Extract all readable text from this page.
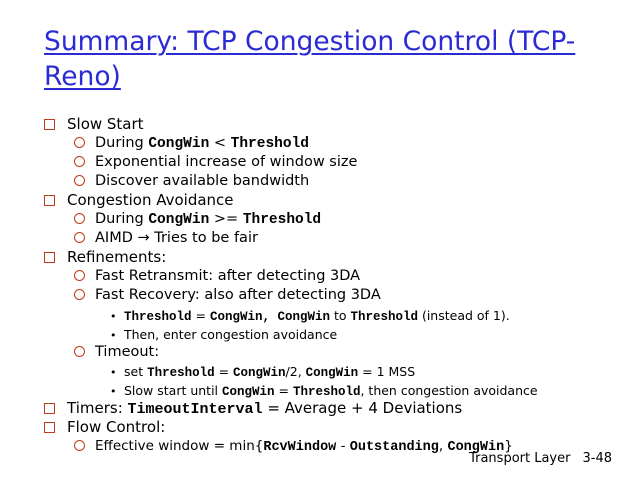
Summary: TCP Congestion Control (TCP-Reno)
Slow Start
During CongWin < Threshold
Exponential increase of window size
Discover available bandwidth
Congestion Avoidance
During CongWin >= Threshold
AIMD → Tries to be fair
Refinements:
Fast Retransmit: after detecting 3DA
Fast Recovery: also after detecting 3DA
• Threshold = CongWin, CongWin to Threshold (instead of 1).
• Then, enter congestion avoidance
Timeout:
• set Threshold = CongWin/2, CongWin = 1 MSS
• Slow start until CongWin = Threshold, then congestion avoidance
Timers: TimeoutInterval = Average + 4 Deviations
Flow Control:
Effective window = min{RcvWindow - Outstanding, CongWin}
Transport Layer 3-48
